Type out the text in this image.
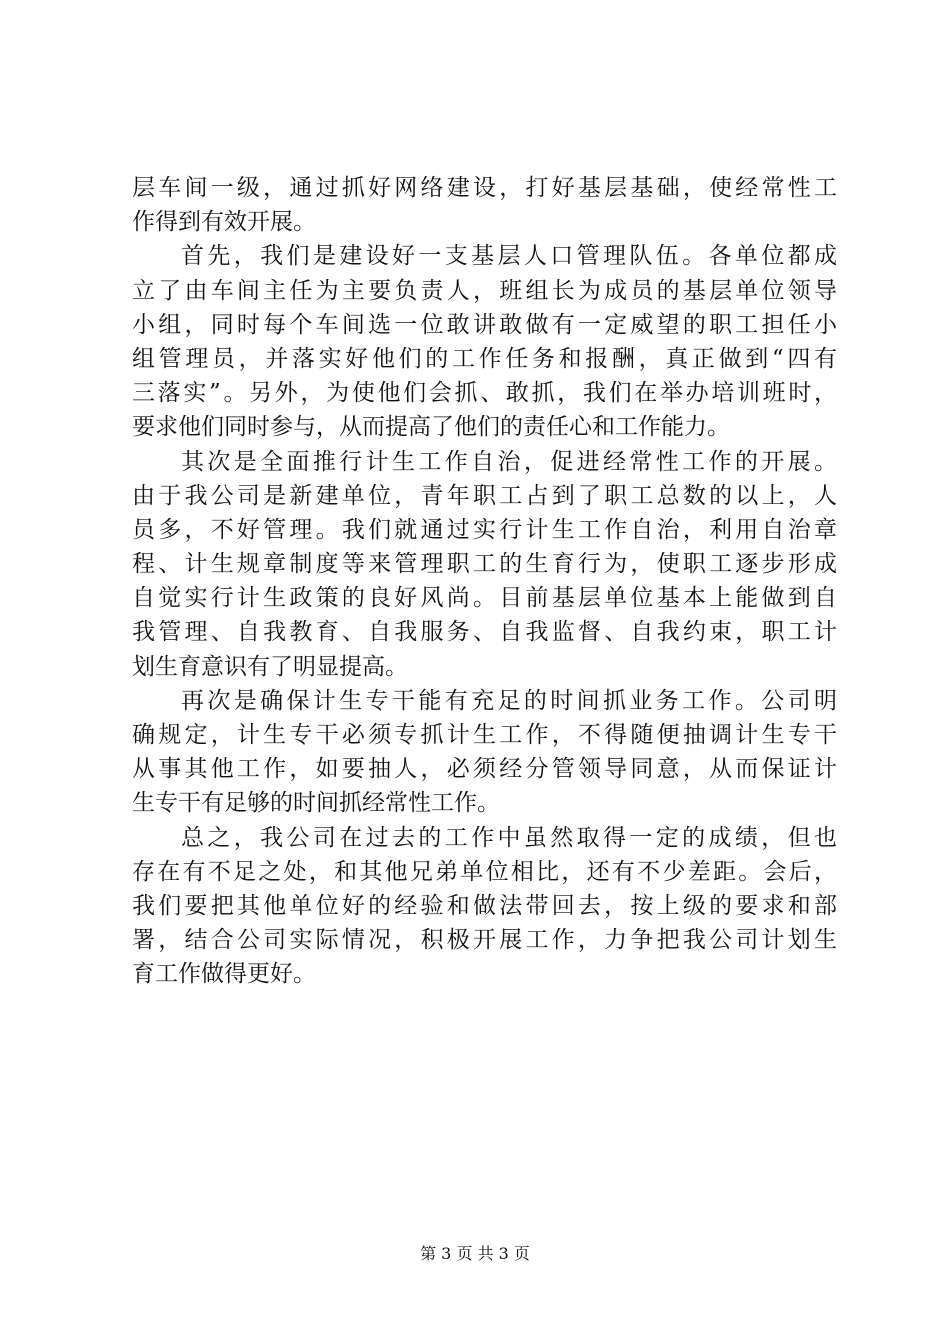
层车间一级，通过抓好网络建设，打好基层基础，使经常性工
作得到有效开展。
首先，我们是建设好一支基层人口管理队伍。各单位都成
立了由车间主任为主要负责人，班组长为成员的基层单位领导
小组，同时每个车间选一位敢讲敢做有一定威望的职工担任小
组管理员，并落实好他们的工作任务和报酬，真正做到“四有
三落实”。另外，为使他们会抓、敢抓，我们在举办培训班时，
要求他们同时参与，从而提高了他们的责任心和工作能力。
其次是全面推行计生工作自治，促进经常性工作的开展。
由于我公司是新建单位，青年职工占到了职工总数的以上，人
员多，不好管理。我们就通过实行计生工作自治，利用自治章
程、计生规章制度等来管理职工的生育行为，使职工逐步形成
自觉实行计生政策的良好风尚。目前基层单位基本上能做到自
我管理、自我教育、自我服务、自我监督、自我约束，职工计
划生育意识有了明显提高。
再次是确保计生专干能有充足的时间抓业务工作。公司明
确规定，计生专干必须专抓计生工作，不得随便抽调计生专干
从事其他工作，如要抽人，必须经分管领导同意，从而保证计
生专干有足够的时间抓经常性工作。
总之，我公司在过去的工作中虽然取得一定的成绩，但也
存在有不足之处，和其他兄弟单位相比，还有不少差距。会后，
我们要把其他单位好的经验和做法带回去，按上级的要求和部
署，结合公司实际情况，积极开展工作，力争把我公司计划生
育工作做得更好。
第 3 页 共 3 页
